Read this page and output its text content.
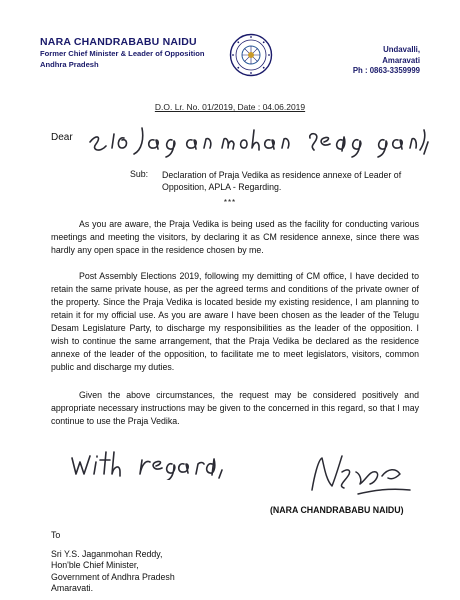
NARA CHANDRABABU NAIDU
Former Chief Minister & Leader of Opposition
Andhra Pradesh
Undavalli,
Amaravati
Ph : 0863-3359999
D.O. Lr. No. 01/2019, Date : 04.06.2019
Dear
Sub: Declaration of Praja Vedika as residence annexe of Leader of Opposition, APLA - Regarding.
***

As you are aware, the Praja Vedika is being used as the facility for conducting various meetings and meeting the visitors, by declaring it as CM residence annexe, since there was hardly any open space in the residence chosen by me.

Post Assembly Elections 2019, following my demitting of CM office, I have decided to retain the same private house, as per the agreed terms and conditions of the private owner of the property. Since the Praja Vedika is located beside my existing residence, I am planning to retain it for my official use. As you are aware I have been chosen as the leader of the Telugu Desam Legislature Party, to discharge my responsibilities as the leader of the opposition. I wish to continue the same arrangement, that the Praja Vedika be declared as the residence annexe of the leader of the opposition, to facilitate me to meet legislators, visitors, common public and discharge my duties.

Given the above circumstances, the request may be considered positively and appropriate necessary instructions may be given to the concerned in this regard, so that I may continue to use the Praja Vedika.

(NARA CHANDRABABU NAIDU)
To
Sri Y.S. Jaganmohan Reddy,
Hon'ble Chief Minister,
Government of Andhra Pradesh
Amaravati.
